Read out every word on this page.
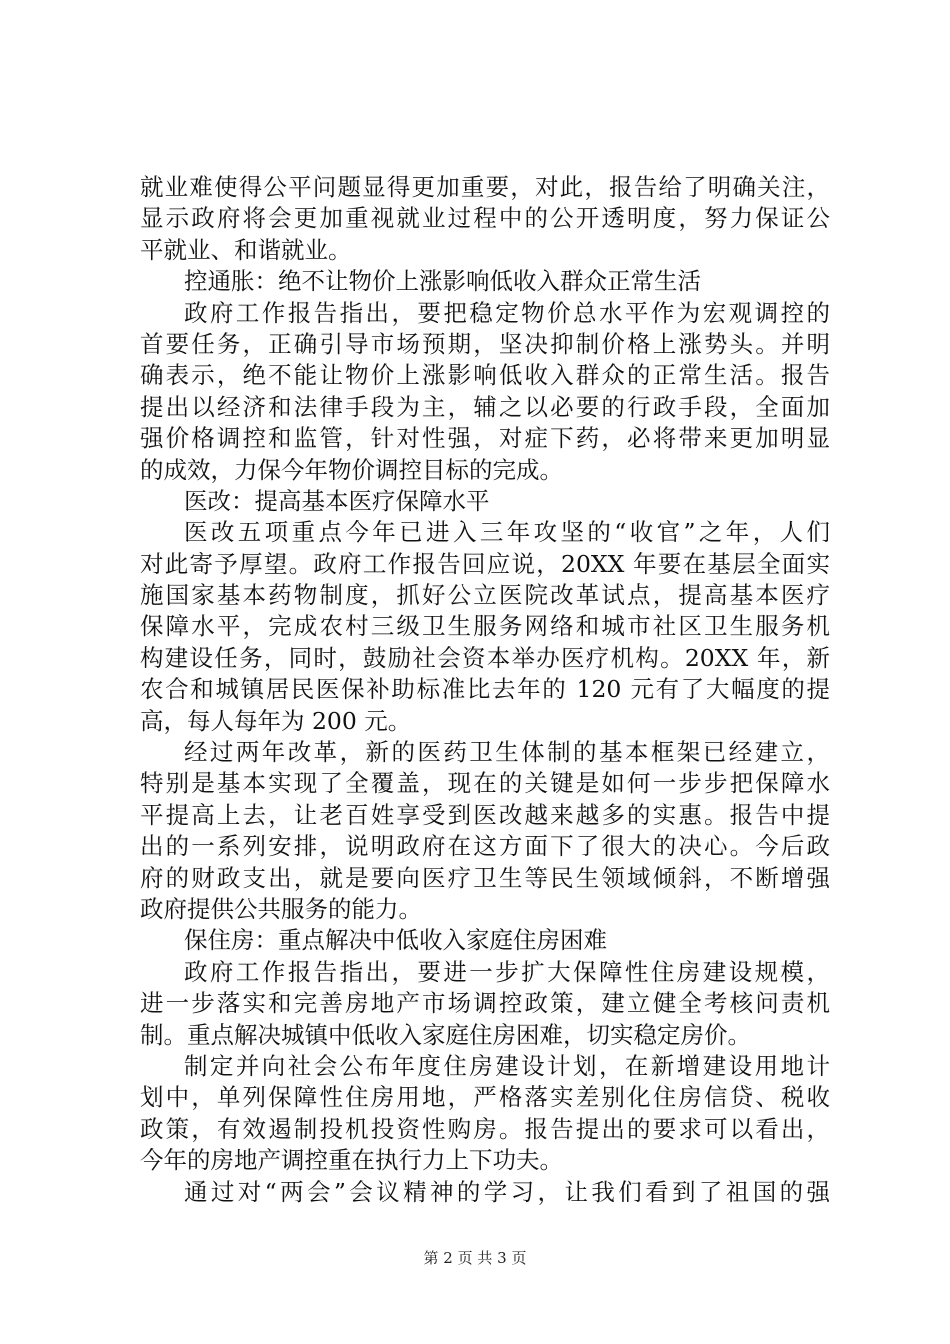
就业难使得公平问题显得更加重要，对此，报告给了明确关注，
显示政府将会更加重视就业过程中的公开透明度，努力保证公
平就业、和谐就业。
控通胀：绝不让物价上涨影响低收入群众正常生活
政府工作报告指出，要把稳定物价总水平作为宏观调控的
首要任务，正确引导市场预期，坚决抑制价格上涨势头。并明
确表示，绝不能让物价上涨影响低收入群众的正常生活。报告
提出以经济和法律手段为主，辅之以必要的行政手段，全面加
强价格调控和监管，针对性强，对症下药，必将带来更加明显
的成效，力保今年物价调控目标的完成。
医改：提高基本医疗保障水平
医改五项重点今年已进入三年攻坚的“收官”之年，人们
对此寄予厚望。政府工作报告回应说，20XX 年要在基层全面实
施国家基本药物制度，抓好公立医院改革试点，提高基本医疗
保障水平，完成农村三级卫生服务网络和城市社区卫生服务机
构建设任务，同时，鼓励社会资本举办医疗机构。20XX 年，新
农合和城镇居民医保补助标准比去年的 120 元有了大幅度的提
高，每人每年为 200 元。
经过两年改革，新的医药卫生体制的基本框架已经建立，
特别是基本实现了全覆盖，现在的关键是如何一步步把保障水
平提高上去，让老百姓享受到医改越来越多的实惠。报告中提
出的一系列安排，说明政府在这方面下了很大的决心。今后政
府的财政支出，就是要向医疗卫生等民生领域倾斜，不断增强
政府提供公共服务的能力。
保住房：重点解决中低收入家庭住房困难
政府工作报告指出，要进一步扩大保障性住房建设规模，
进一步落实和完善房地产市场调控政策，建立健全考核问责机
制。重点解决城镇中低收入家庭住房困难，切实稳定房价。
制定并向社会公布年度住房建设计划，在新增建设用地计
划中，单列保障性住房用地，严格落实差别化住房信贷、税收
政策，有效遏制投机投资性购房。报告提出的要求可以看出，
今年的房地产调控重在执行力上下功夫。
通过对“两会”会议精神的学习，让我们看到了祖国的强
第 2 页 共 3 页
